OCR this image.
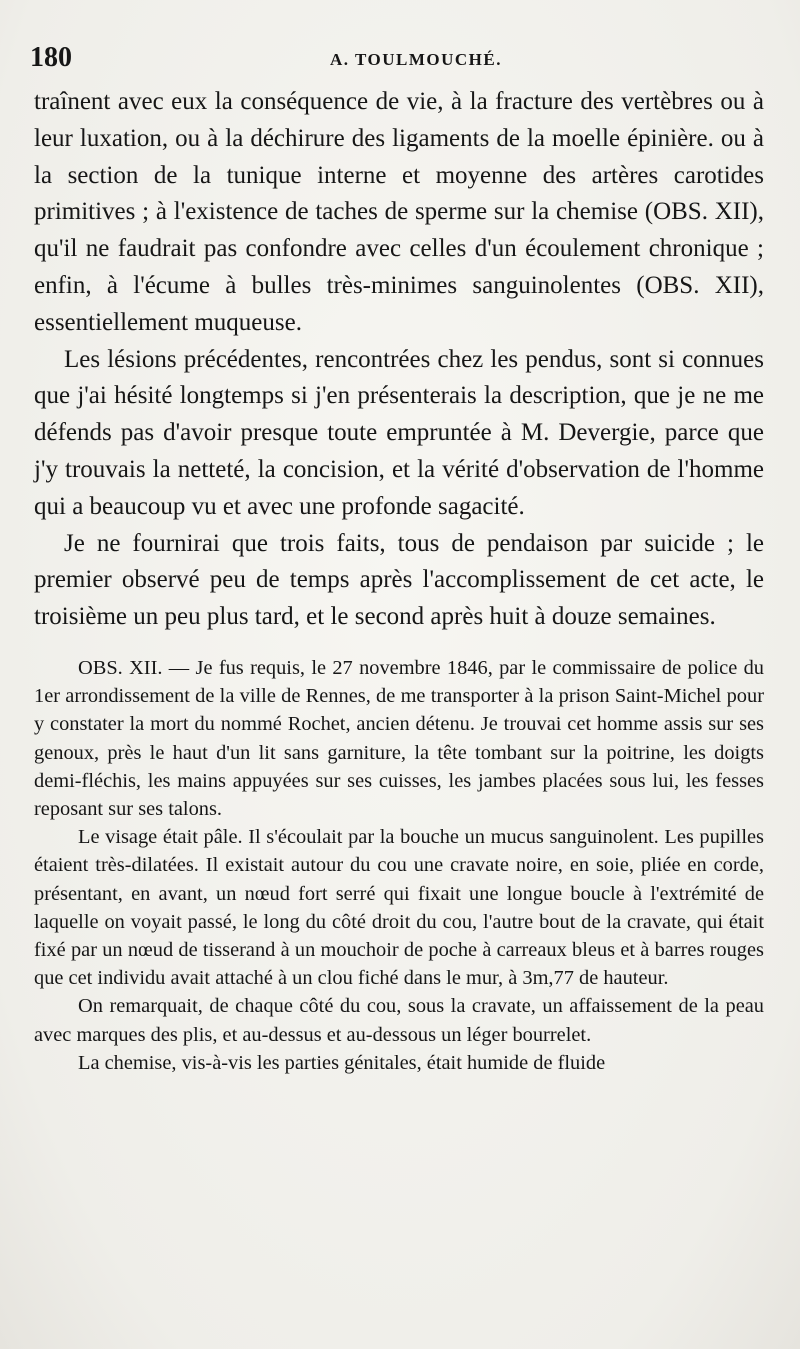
180	A. TOULMOUCHÉ.

traînent avec eux la conséquence de vie, à la fracture des vertèbres ou à leur luxation, ou à la déchirure des ligaments de la moelle épinière. ou à la section de la tunique interne et moyenne des artères carotides primitives ; à l'existence de taches de sperme sur la chemise (OBS. XII), qu'il ne faudrait pas confondre avec celles d'un écoulement chronique ; enfin, à l'écume à bulles très-minimes sanguinolentes (OBS. XII), essentiellement muqueuse.

Les lésions précédentes, rencontrées chez les pendus, sont si connues que j'ai hésité longtemps si j'en présenterais la description, que je ne me défends pas d'avoir presque toute empruntée à M. Devergie, parce que j'y trouvais la netteté, la concision, et la vérité d'observation de l'homme qui a beaucoup vu et avec une profonde sagacité.

Je ne fournirai que trois faits, tous de pendaison par suicide ; le premier observé peu de temps après l'accomplissement de cet acte, le troisième un peu plus tard, et le second après huit à douze semaines.

OBS. XII. — Je fus requis, le 27 novembre 1846, par le commissaire de police du 1er arrondissement de la ville de Rennes, de me transporter à la prison Saint-Michel pour y constater la mort du nommé Rochet, ancien détenu. Je trouvai cet homme assis sur ses genoux, près le haut d'un lit sans garniture, la tête tombant sur la poitrine, les doigts demi-fléchis, les mains appuyées sur ses cuisses, les jambes placées sous lui, les fesses reposant sur ses talons.

Le visage était pâle. Il s'écoulait par la bouche un mucus sanguinolent. Les pupilles étaient très-dilatées. Il existait autour du cou une cravate noire, en soie, pliée en corde, présentant, en avant, un nœud fort serré qui fixait une longue boucle à l'extrémité de laquelle on voyait passé, le long du côté droit du cou, l'autre bout de la cravate, qui était fixé par un nœud de tisserand à un mouchoir de poche à carreaux bleus et à barres rouges que cet individu avait attaché à un clou fiché dans le mur, à 3m,77 de hauteur.

On remarquait, de chaque côté du cou, sous la cravate, un affaissement de la peau avec marques des plis, et au-dessus et au-dessous un léger bourrelet.

La chemise, vis-à-vis les parties génitales, était humide de fluide
